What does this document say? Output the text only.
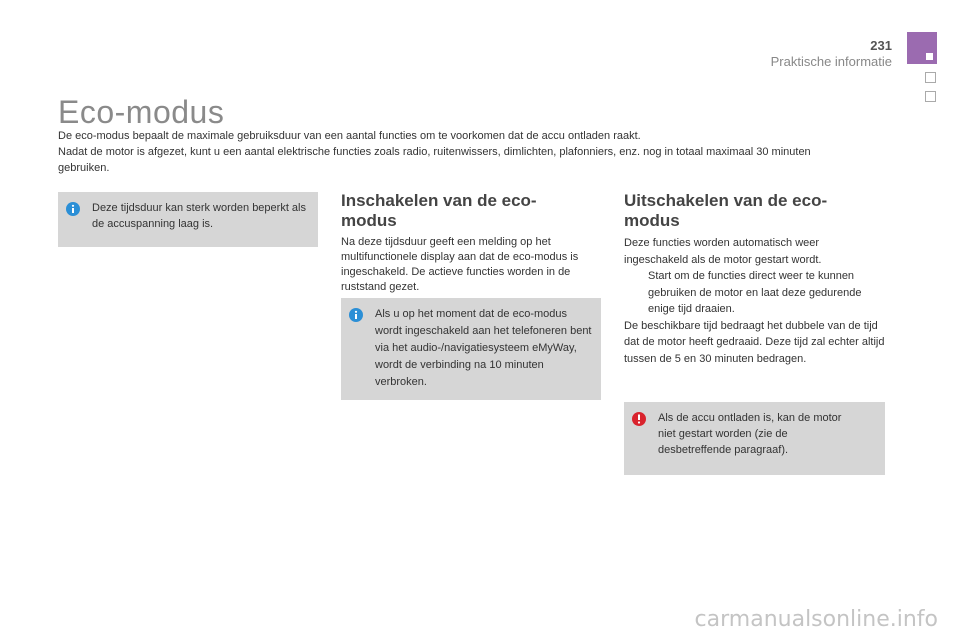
231
Praktische informatie
Eco-modus

De eco-modus bepaalt de maximale gebruiksduur van een aantal functies om te voorkomen dat de accu ontladen raakt.

Nadat de motor is afgezet, kunt u een aantal elektrische functies zoals radio, ruitenwissers, dimlichten, plafonniers, enz. nog in totaal maximaal 30 minuten gebruiken.

Deze tijdsduur kan sterk worden beperkt als de accuspanning laag is.
Inschakelen van de eco-modus
Na deze tijdsduur geeft een melding op het multifunctionele display aan dat de eco-modus is ingeschakeld. De actieve functies worden in de ruststand gezet.
Als u op het moment dat de eco-modus wordt ingeschakeld aan het telefoneren bent via het audio-/navigatiesysteem eMyWay, wordt de verbinding na 10 minuten verbroken.
Uitschakelen van de eco-modus

Deze functies worden automatisch weer ingeschakeld als de motor gestart wordt.

Start om de functies direct weer te kunnen gebruiken de motor en laat deze gedurende enige tijd draaien.

De beschikbare tijd bedraagt het dubbele van de tijd dat de motor heeft gedraaid. Deze tijd zal echter altijd tussen de 5 en 30 minuten bedragen.

Als de accu ontladen is, kan de motor niet gestart worden (zie de desbetreffende paragraaf).
carmanualsonline.info
